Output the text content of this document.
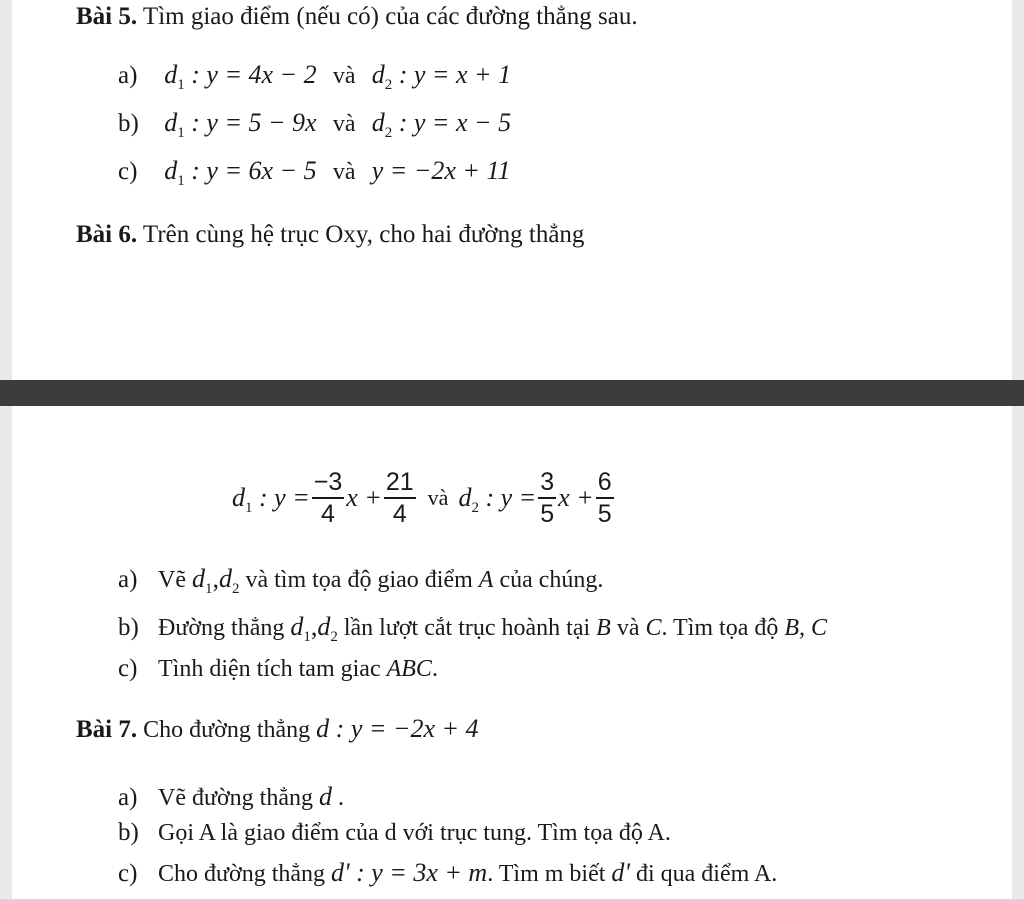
Bài 5. Tìm giao điểm (nếu có) của các đường thẳng sau.
a) $d_1$ : y = 4x − 2 và $d_2$ : y = x + 1
b) $d_1$ : y = 5 − 9x và $d_2$ : y = x − 5
c) $d_1$ : y = 6x − 5 và y = −2x + 11
Bài 6. Trên cùng hệ trục Oxy, cho hai đường thẳng
$d_1$ : $y = \frac{-3}{4}$ $x + \frac{21}{4}$ và $d_2$ : $y = \frac{3}{5}$ $x + \frac{6}{5}$
a) Vẽ $d_1,d_2$ và tìm tọa độ giao điểm A của chúng.
b) Đường thẳng $d_1,d_2$ lần lượt cắt trục hoành tại B và C. Tìm tọa độ B, C
c) Tình diện tích tam giac ABC.
Bài 7. Cho đường thẳng d : y = −2x + 4
a) Vẽ đường thẳng d .
b) Gọi A là giao điểm của d với trục tung. Tìm tọa độ A.
c) Cho đường thẳng d' : y = 3x + m. Tìm m biết d' đi qua điểm A.
